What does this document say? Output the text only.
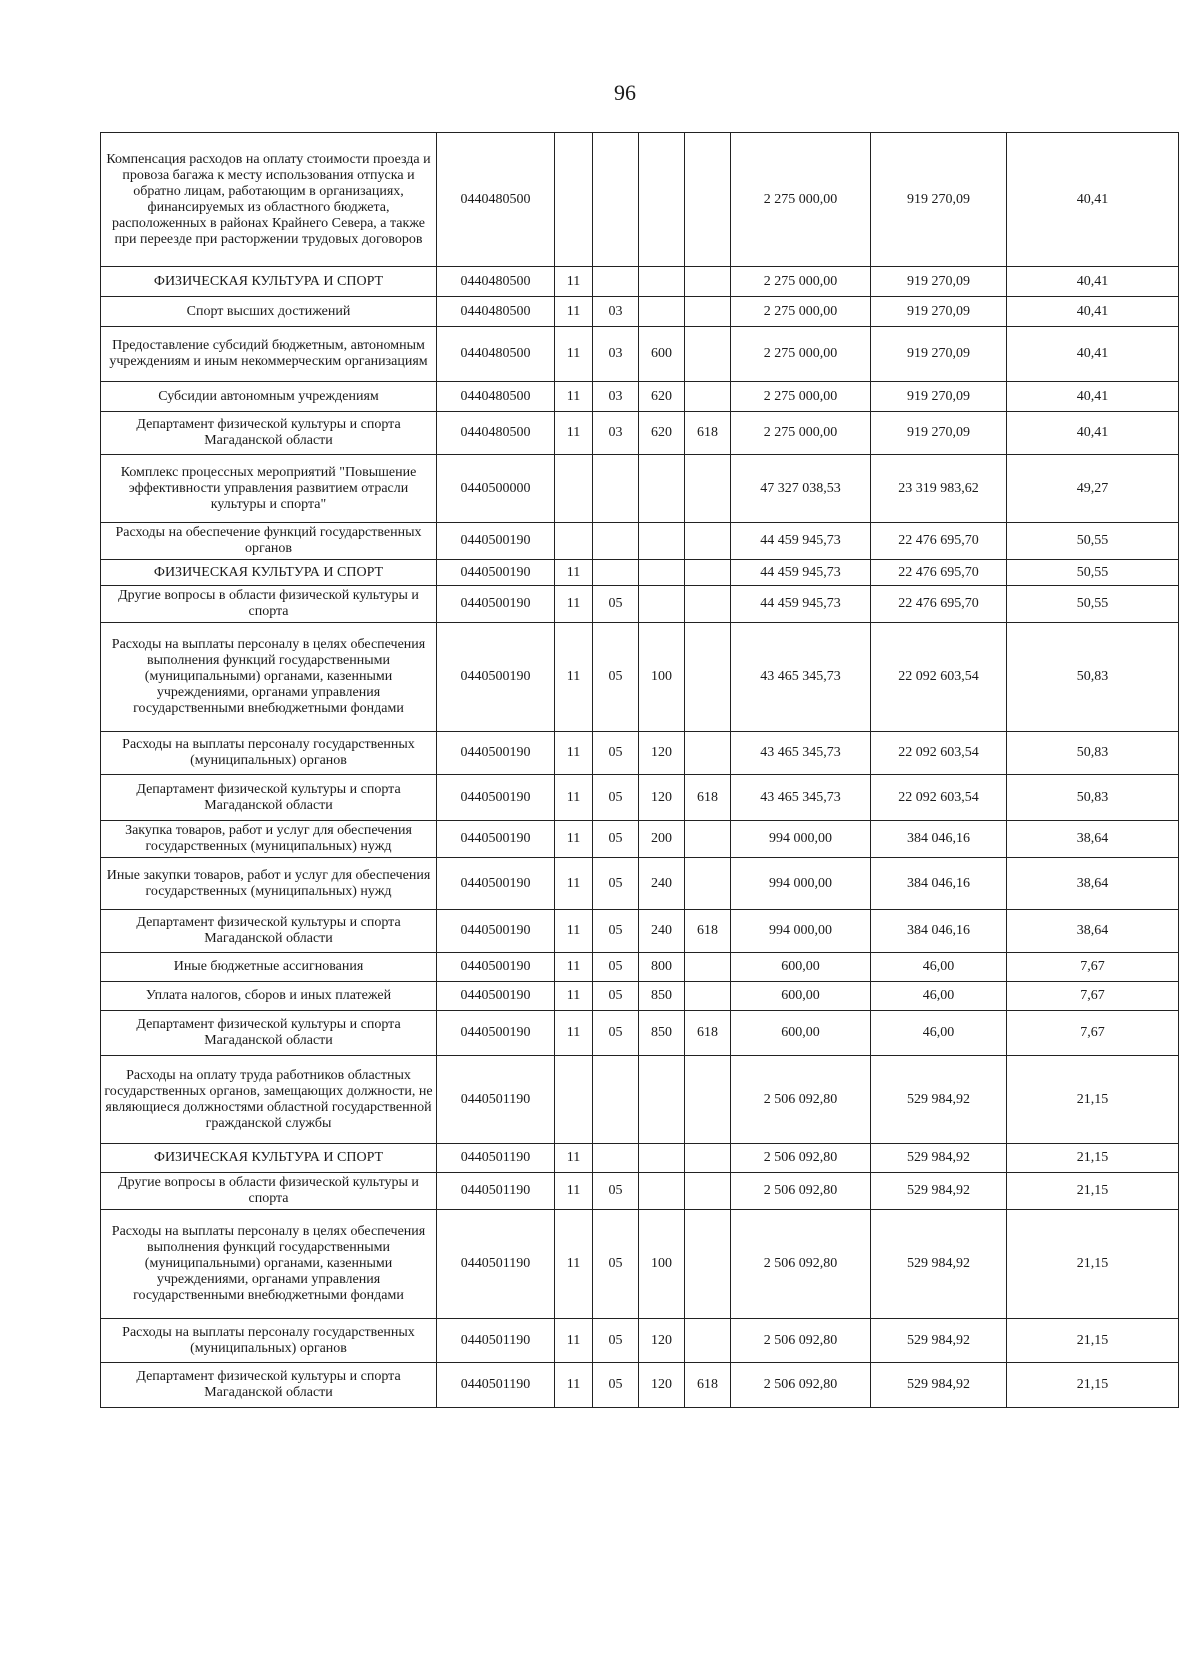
96
Компенсация расходов на оплату стоимости проезда и провоза багажа к месту использования отпуска и обратно лицам, работающим в организациях, финансируемых из областного бюджета, расположенных в районах Крайнего Севера, а также при переезде при расторжении трудовых договоров	0440480500					2 275 000,00	919 270,09	40,41
ФИЗИЧЕСКАЯ КУЛЬТУРА И СПОРТ	0440480500	11				2 275 000,00	919 270,09	40,41
Спорт высших достижений	0440480500	11	03			2 275 000,00	919 270,09	40,41
Предоставление субсидий бюджетным, автономным учреждениям и иным некоммерческим организациям	0440480500	11	03	600		2 275 000,00	919 270,09	40,41
Субсидии автономным учреждениям	0440480500	11	03	620		2 275 000,00	919 270,09	40,41
Департамент физической культуры и спорта Магаданской области	0440480500	11	03	620	618	2 275 000,00	919 270,09	40,41
Комплекс процессных мероприятий "Повышение эффективности управления развитием отрасли культуры и спорта"	0440500000					47 327 038,53	23 319 983,62	49,27
Расходы на обеспечение функций государственных органов	0440500190					44 459 945,73	22 476 695,70	50,55
ФИЗИЧЕСКАЯ КУЛЬТУРА И СПОРТ	0440500190	11				44 459 945,73	22 476 695,70	50,55
Другие вопросы в области физической культуры и спорта	0440500190	11	05			44 459 945,73	22 476 695,70	50,55
Расходы на выплаты персоналу в целях обеспечения выполнения функций государственными (муниципальными) органами, казенными учреждениями, органами управления государственными внебюджетными фондами	0440500190	11	05	100		43 465 345,73	22 092 603,54	50,83
Расходы на выплаты персоналу государственных (муниципальных) органов	0440500190	11	05	120		43 465 345,73	22 092 603,54	50,83
Департамент физической культуры и спорта Магаданской области	0440500190	11	05	120	618	43 465 345,73	22 092 603,54	50,83
Закупка товаров, работ и услуг для обеспечения государственных (муниципальных) нужд	0440500190	11	05	200		994 000,00	384 046,16	38,64
Иные закупки товаров, работ и услуг для обеспечения государственных (муниципальных) нужд	0440500190	11	05	240		994 000,00	384 046,16	38,64
Департамент физической культуры и спорта Магаданской области	0440500190	11	05	240	618	994 000,00	384 046,16	38,64
Иные бюджетные ассигнования	0440500190	11	05	800		600,00	46,00	7,67
Уплата налогов, сборов и иных платежей	0440500190	11	05	850		600,00	46,00	7,67
Департамент физической культуры и спорта Магаданской области	0440500190	11	05	850	618	600,00	46,00	7,67
Расходы на оплату труда работников областных государственных органов, замещающих должности, не являющиеся должностями областной государственной гражданской службы	0440501190					2 506 092,80	529 984,92	21,15
ФИЗИЧЕСКАЯ КУЛЬТУРА И СПОРТ	0440501190	11				2 506 092,80	529 984,92	21,15
Другие вопросы в области физической культуры и спорта	0440501190	11	05			2 506 092,80	529 984,92	21,15
Расходы на выплаты персоналу в целях обеспечения выполнения функций государственными (муниципальными) органами, казенными учреждениями, органами управления государственными внебюджетными фондами	0440501190	11	05	100		2 506 092,80	529 984,92	21,15
Расходы на выплаты персоналу государственных (муниципальных) органов	0440501190	11	05	120		2 506 092,80	529 984,92	21,15
Департамент физической культуры и спорта Магаданской области	0440501190	11	05	120	618	2 506 092,80	529 984,92	21,15
